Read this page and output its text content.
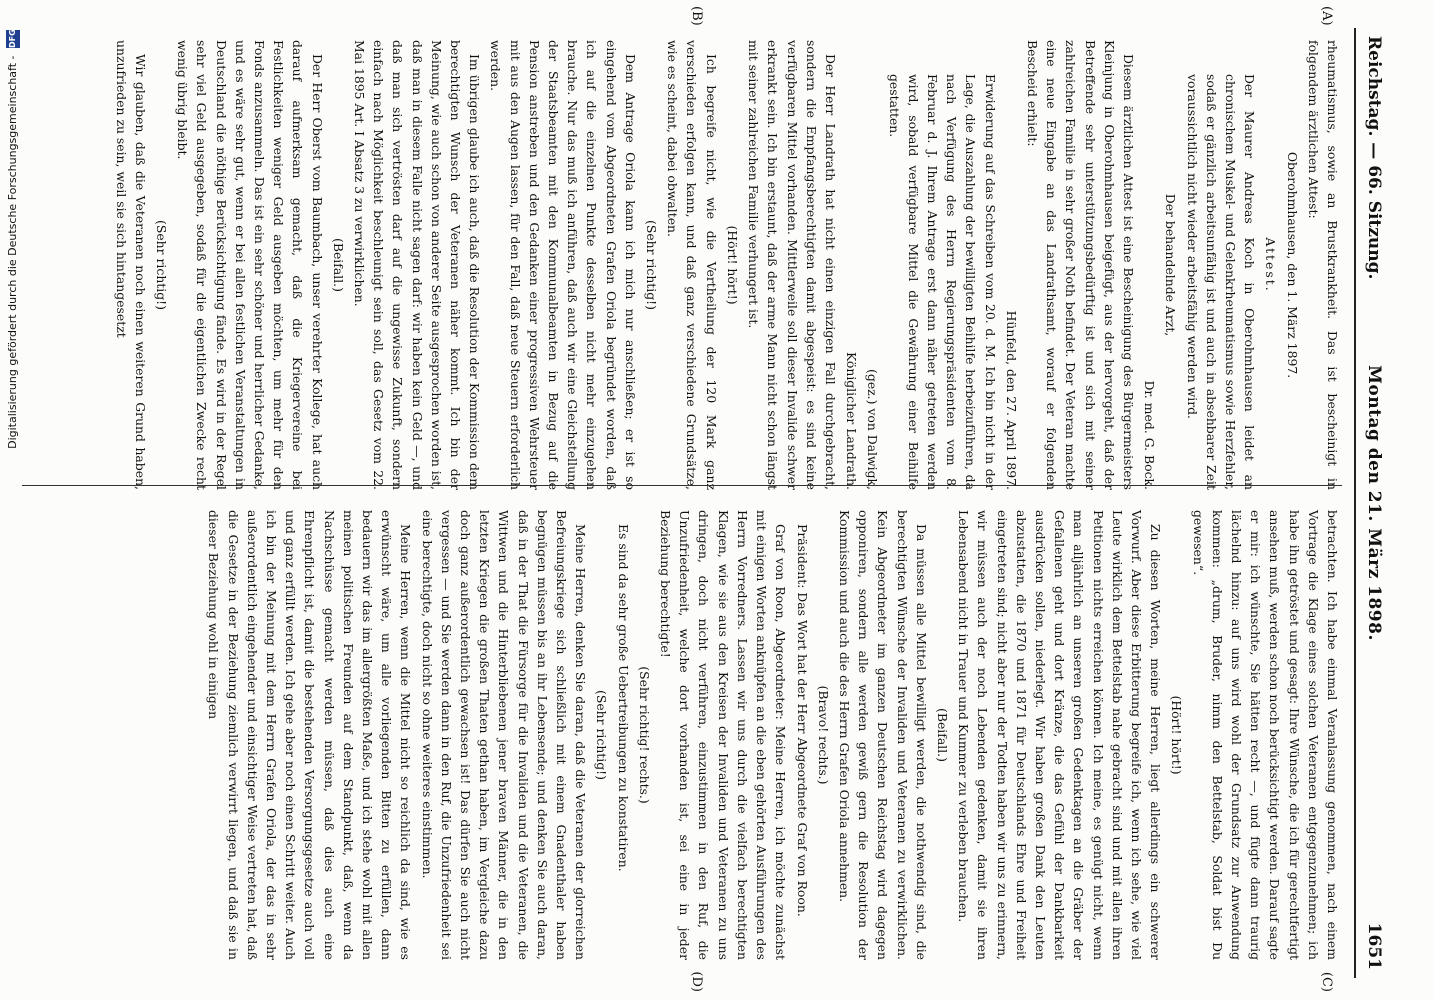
Reichstag. — 66. Sitzung.
Montag den 21. März 1898.
1651
(A)
(B)
(C)
(D)

rheumatismus, sowie an Brustkrankheit. Das ist bescheinigt in folgendem ärztlichen Attest:

Oberohmhausen, den 1. März 1897.

Attest.

Der Maurer Andreas Koch in Oberohmhausen leidet an chronischem Muskel- und Gelenkrheumatismus sowie Herzfehler, sodaß er gänzlich arbeitsunfähig ist und auch in absehbarer Zeit voraussichtlich nicht wieder arbeitsfähig werden wird.

Der behandelnde Arzt,

Dr. med. G. Bock.

Diesem ärztlichen Attest ist eine Bescheinigung des Bürgermeisters Kleinjung in Oberohmhausen beigefügt, aus der hervorgeht, daß der Betreffende sehr unterstützungsbedürftig ist und sich mit seiner zahlreichen Familie in sehr großer Noth befindet. Der Veteran machte eine neue Eingabe an das Landrathsamt, worauf er folgenden Bescheid erhielt:

Hünfeld, den 27. April 1897.

Erwiderung auf das Schreiben vom 20. d. M. Ich bin nicht in der Lage, die Auszahlung der bewilligten Beihilfe herbeizuführen, da nach Verfügung des Herrn Regierungspräsidenten vom 8. Februar d. J. Ihrem Antrage erst dann näher getreten werden wird, sobald verfügbare Mittel die Gewährung einer Beihilfe gestatten.

(gez.) von Dalwigk,

Königlicher Landrath.

Der Herr Landrath hat nicht einen einzigen Fall durchgebracht, sondern die Empfangsberechtigten damit abgespeist: es sind keine verfügbaren Mittel vorhanden. Mittlerweile soll dieser Invalide schwer erkrankt sein. Ich bin erstaunt, daß der arme Mann nicht schon längst mit seiner zahlreichen Familie verhungert ist.

(Hört! hört!)

Ich begreife nicht, wie die Vertheilung der 120 Mark ganz verschieden erfolgen kann, und daß ganz verschiedene Grundsätze, wie es scheint, dabei obwalten.

(Sehr richtig!)

Dem Antrage Oriola kann ich mich nur anschließen; er ist so eingehend vom Abgeordneten Grafen Oriola begründet worden, daß ich auf die einzelnen Punkte desselben nicht mehr einzugehen brauche. Nur das muß ich anführen, daß auch wir eine Gleichstellung der Staatsbeamten mit den Kommunalbeamten in Bezug auf die Pension anstreben und den Gedanken einer progressiven Wehrsteuer mit aus den Augen lassen, für den Fall, daß neue Steuern erforderlich werden.

Im übrigen glaube ich auch, daß die Resolution der Kommission dem berechtigten Wunsch der Veteranen näher kommt. Ich bin der Meinung, wie auch schon von anderer Seite ausgesprochen worden ist, daß man in diesem Falle nicht sagen darf: wir haben kein Geld —, und daß man sich vertrösten darf auf die ungewisse Zukunft, sondern einfach nach Möglichkeit beschleunigt sein soll, das Gesetz vom 22. Mai 1895 Art. I Absatz 3 zu verwirklichen.

(Beifall.)

Der Herr Oberst vom Baumbach, unser verehrter Kollege, hat auch darauf aufmerksam gemacht, daß die Kriegervereine bei Festlichkeiten weniger Geld ausgeben möchten, um mehr für den Fonds anzusammeln. Das ist ein sehr schöner und herrlicher Gedanke, und es wäre sehr gut, wenn er bei allen festlichen Veranstaltungen in Deutschland die nöthige Berücksichtigung fände. Es wird in der Regel sehr viel Geld ausgegeben, sodaß für die eigentlichen Zwecke recht wenig übrig bleibt.

(Sehr richtig!)

Wir glauben, daß die Veteranen noch einen weiteren Grund haben, unzufrieden zu sein, weil sie sich hintangesetzt

betrachten. Ich habe einmal Veranlassung genommen, nach einem Vortrage die Klage eines solchen Veteranen entgegenzunehmen; ich habe ihn getröstet und gesagt: Ihre Wünsche, die ich für gerechtfertigt ansehen muß, werden schon noch berücksichtigt werden. Darauf sagte er mir: ich wünschte, Sie hätten recht —, und fügte dann traurig lächelnd hinzu: auf uns wird wohl der Grundsatz zur Anwendung kommen: „drum, Bruder, nimm den Bettelstab, Soldat bist Du gewesen“.

(Hört! hört!)

Zu diesen Worten, meine Herren, liegt allerdings ein schwerer Vorwurf. Aber diese Erbitterung begreife ich, wenn ich sehe, wie viel Leute wirklich dem Bettelstab nahe gebracht sind und mit allen ihren Petitionen nichts erreichen können. Ich meine, es genügt nicht, wenn man alljährlich an unseren großen Gedenktagen an die Gräber der Gefallenen geht und dort Kränze, die das Gefühl der Dankbarkeit ausdrücken sollen, niederlegt. Wir haben großen Dank den Leuten abzustatten, die 1870 und 1871 für Deutschlands Ehre und Freiheit eingetreten sind; nicht aber nur der Todten haben wir uns zu erinnern, wir müssen auch der noch Lebenden gedenken, damit sie ihren Lebensabend nicht in Trauer und Kummer zu verleben brauchen.

(Beifall.)

Da müssen alle Mittel bewilligt werden, die nothwendig sind, die berechtigten Wünsche der Invaliden und Veteranen zu verwirklichen. Kein Abgeordneter im ganzen Deutschen Reichstag wird dagegen opponiren, sondern alle werden gewiß gern die Resolution der Kommission und auch die des Herrn Grafen Oriola annehmen.

(Bravo! rechts.)

Präsident: Das Wort hat der Herr Abgeordnete Graf von Roon.

Graf von Roon, Abgeordneter: Meine Herren, ich möchte zunächst mit einigen Worten anknüpfen an die eben gehörten Ausführungen des Herrn Vorredners. Lassen wir uns durch die vielfach berechtigten Klagen, wie sie aus den Kreisen der Invaliden und Veteranen zu uns dringen, doch nicht verführen, einzustimmen in den Ruf, die Unzufriedenheit, welche dort vorhanden ist, sei eine in jeder Beziehung berechtigte!

(Sehr richtig! rechts.)

Es sind da sehr große Uebertreibungen zu konstatiren.

(Sehr richtig!)

Meine Herren, denken Sie daran, daß die Veteranen der glorreichen Befreiungskriege sich schließlich mit einem Gnadenthaler haben begnügen müssen bis an ihr Lebensende; und denken Sie auch daran, daß in der That die Fürsorge für die Invaliden und die Veteranen, die Wittwen und die Hinterbliebenen jener braven Männer, die in den letzten Kriegen die großen Thaten gethan haben, im Vergleiche dazu doch ganz außerordentlich gewachsen ist! Das dürfen Sie auch nicht vergessen — und Sie werden dann in den Ruf, die Unzufriedenheit sei eine berechtigte, doch nicht so ohne weiteres einstimmen.

Meine Herren, wenn die Mittel nicht so reichlich da sind, wie es erwünscht wäre, um alle vorliegenden Bitten zu erfüllen, dann bedauern wir das im allergrößten Maße, und ich stehe wohl mit allen meinen politischen Freunden auf dem Standpunkt, daß, wenn da Nachschüsse gemacht werden müssen, daß dies auch eine Ehrenpflicht ist, damit die bestehenden Versorgungsgesetze auch voll und ganz erfüllt werden. Ich gehe aber noch einen Schritt weiter. Auch ich bin der Meinung mit dem Herrn Grafen Oriola, der das in sehr außerordentlich eingehender und einsichtiger Weise vertreten hat, daß die Gesetze in der Beziehung ziemlich verwirrt liegen, und daß sie in dieser Beziehung wohl in einigen

Digitalisierung gefördert durch die Deutsche Forschungsgemeinschaft - DFG
